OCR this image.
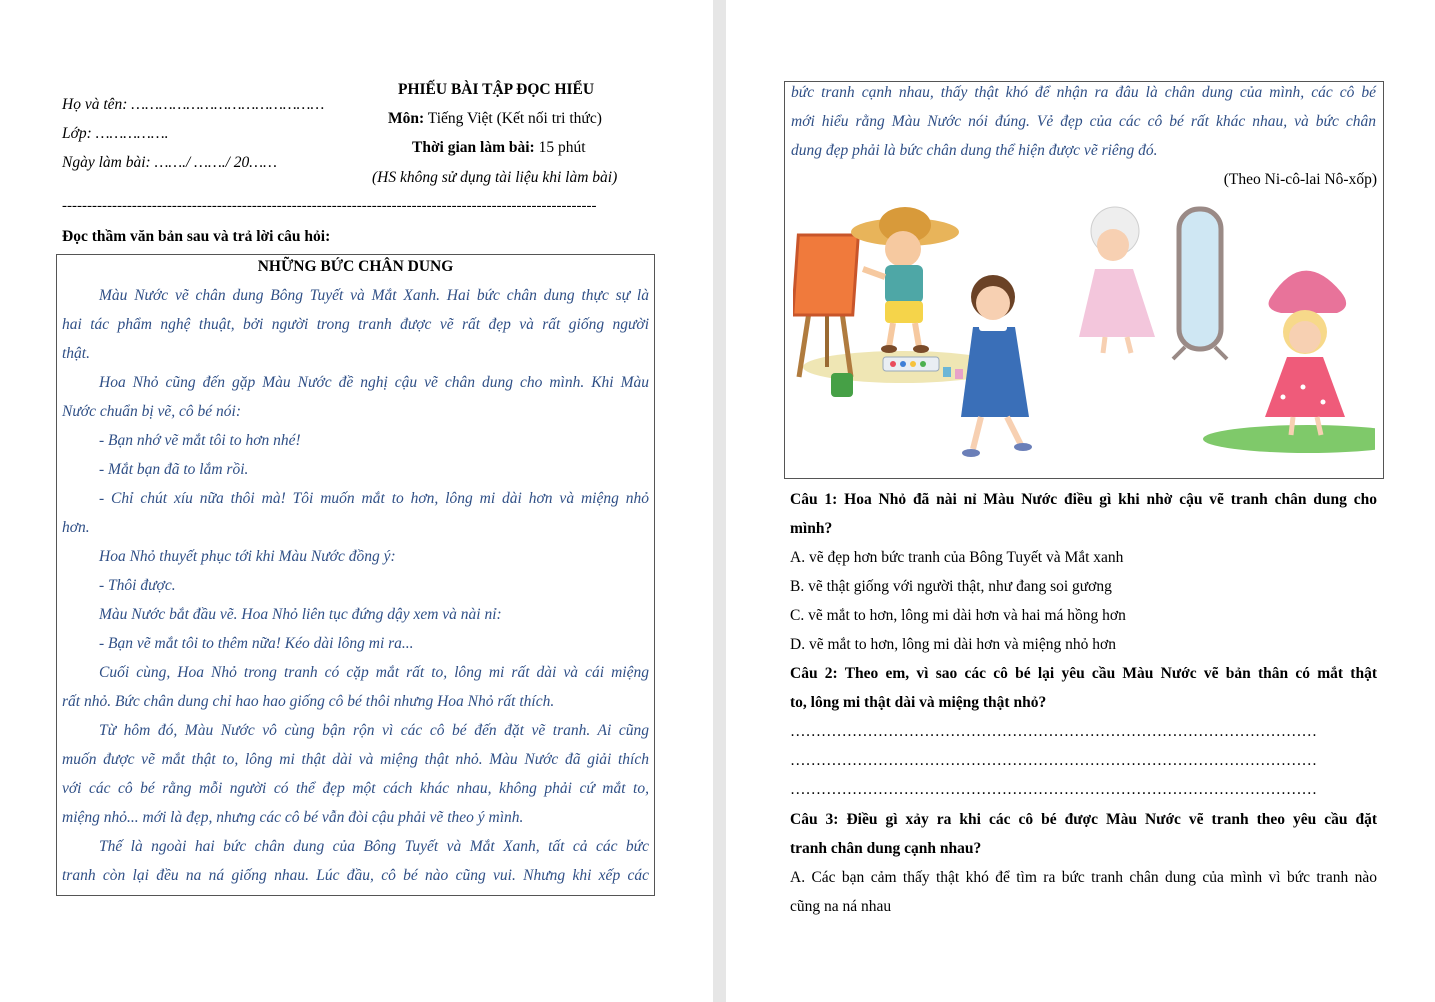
Họ và tên: ……………………………………
Lớp: …………….
Ngày làm bài: ……./ ……./ 20……
PHIẾU BÀI TẬP ĐỌC HIỂU
Môn: Tiếng Việt (Kết nối tri thức)
Thời gian làm bài: 15 phút
(HS không sử dụng tài liệu khi làm bài)
-----------------------------------------------------------------------------------------------------------
Đọc thầm văn bản sau và trả lời câu hỏi:
NHỮNG BỨC CHÂN DUNG
Màu Nước vẽ chân dung Bông Tuyết và Mắt Xanh. Hai bức chân dung thực sự là
hai tác phẩm nghệ thuật, bởi người trong tranh được vẽ rất đẹp và rất giống người
thật.
Hoa Nhỏ cũng đến gặp Màu Nước đề nghị cậu vẽ chân dung cho mình. Khi Màu
Nước chuẩn bị vẽ, cô bé nói:
- Bạn nhớ vẽ mắt tôi to hơn nhé!
- Mắt bạn đã to lắm rồi.
- Chỉ chút xíu nữa thôi mà! Tôi muốn mắt to hơn, lông mi dài hơn và miệng nhỏ
hơn.
Hoa Nhỏ thuyết phục tới khi Màu Nước đồng ý:
- Thôi được.
Màu Nước bắt đầu vẽ. Hoa Nhỏ liên tục đứng dậy xem và nài nỉ:
- Bạn vẽ mắt tôi to thêm nữa! Kéo dài lông mi ra...
Cuối cùng, Hoa Nhỏ trong tranh có cặp mắt rất to, lông mi rất dài và cái miệng
rất nhỏ. Bức chân dung chỉ hao hao giống cô bé thôi nhưng Hoa Nhỏ rất thích.
Từ hôm đó, Màu Nước vô cùng bận rộn vì các cô bé đến đặt vẽ tranh. Ai cũng
muốn được vẽ mắt thật to, lông mi thật dài và miệng thật nhỏ. Màu Nước đã giải thích
với các cô bé rằng mỗi người có thể đẹp một cách khác nhau, không phải cứ mắt to,
miệng nhỏ... mới là đẹp, nhưng các cô bé vẫn đòi cậu phải vẽ theo ý mình.
Thế là ngoài hai bức chân dung của Bông Tuyết và Mắt Xanh, tất cả các bức
tranh còn lại đều na ná giống nhau. Lúc đầu, cô bé nào cũng vui. Nhưng khi xếp các
bức tranh cạnh nhau, thấy thật khó để nhận ra đâu là chân dung của mình, các cô bé
mới hiểu rằng Màu Nước nói đúng. Vẻ đẹp của các cô bé rất khác nhau, và bức chân
dung đẹp phải là bức chân dung thể hiện được vẽ riêng đó.
(Theo Ni-cô-lai Nô-xốp)
Câu 1: Hoa Nhỏ đã nài nỉ Màu Nước điều gì khi nhờ cậu vẽ tranh chân dung cho
mình?
A. vẽ đẹp hơn bức tranh của Bông Tuyết và Mắt xanh
B. vẽ thật giống với người thật, như đang soi gương
C. vẽ mắt to hơn, lông mi dài hơn và hai má hồng hơn
D. vẽ mắt to hơn, lông mi dài hơn và miệng nhỏ hơn
Câu 2: Theo em, vì sao các cô bé lại yêu cầu Màu Nước vẽ bản thân có mắt thật
to, lông mi thật dài và miệng thật nhỏ?
…………………………………………………………………………………………
…………………………………………………………………………………………
…………………………………………………………………………………………
Câu 3: Điều gì xảy ra khi các cô bé được Màu Nước vẽ tranh theo yêu cầu đặt
tranh chân dung cạnh nhau?
A. Các bạn cảm thấy thật khó để tìm ra bức tranh chân dung của mình vì bức tranh nào
cũng na ná nhau
